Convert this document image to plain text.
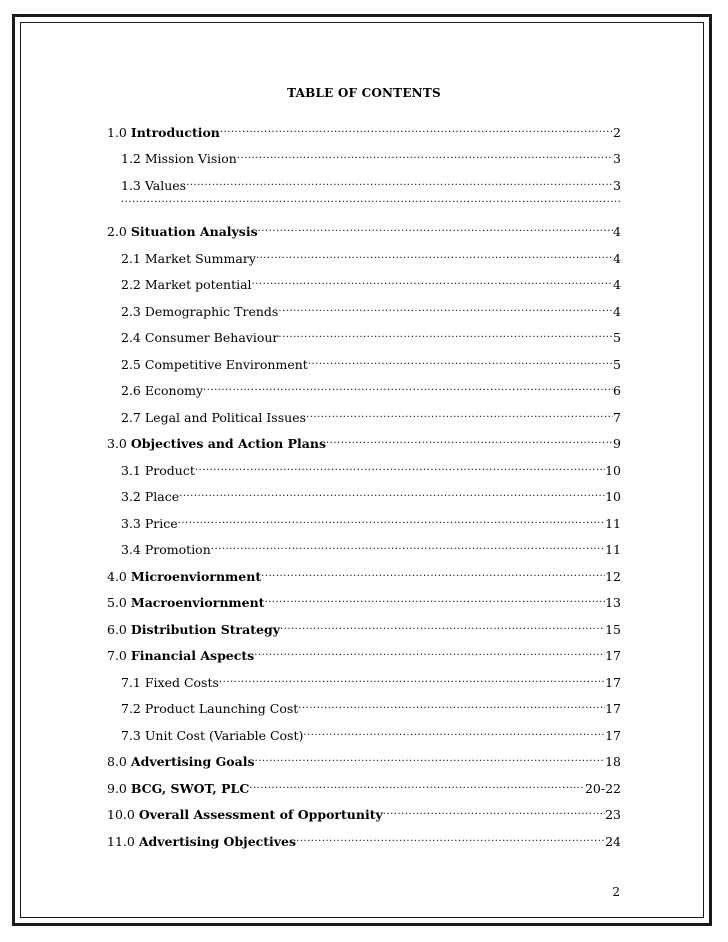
TABLE OF CONTENTS
1.0 Introduction .....	2
1.2 Mission Vision .....	3
1.3 Values .....	3
.....
2.0 Situation Analysis .....	4
2.1 Market Summary .....	4
2.2 Market potential .....	4
2.3 Demographic Trends .....	4
2.4 Consumer Behaviour .....	5
2.5 Competitive Environment .....	5
2.6 Economy .....	6
2.7 Legal and Political Issues .....	7
3.0 Objectives and Action Plans .....	9
3.1 Product .....	10
3.2 Place .....	10
3.3 Price .....	11
3.4 Promotion .....	11
4.0 Microenviornment .....	12
5.0 Macroenviornment .....	13
6.0 Distribution Strategy .....	15
7.0 Financial Aspects .....	17
7.1 Fixed Costs .....	17
7.2 Product Launching Cost .....	17
7.3 Unit Cost (Variable Cost) .....	17
8.0 Advertising Goals .....	18
9.0 BCG, SWOT, PLC .....	20-22
10.0 Overall Assessment of Opportunity .....	23
11.0 Advertising Objectives .....	24
2
